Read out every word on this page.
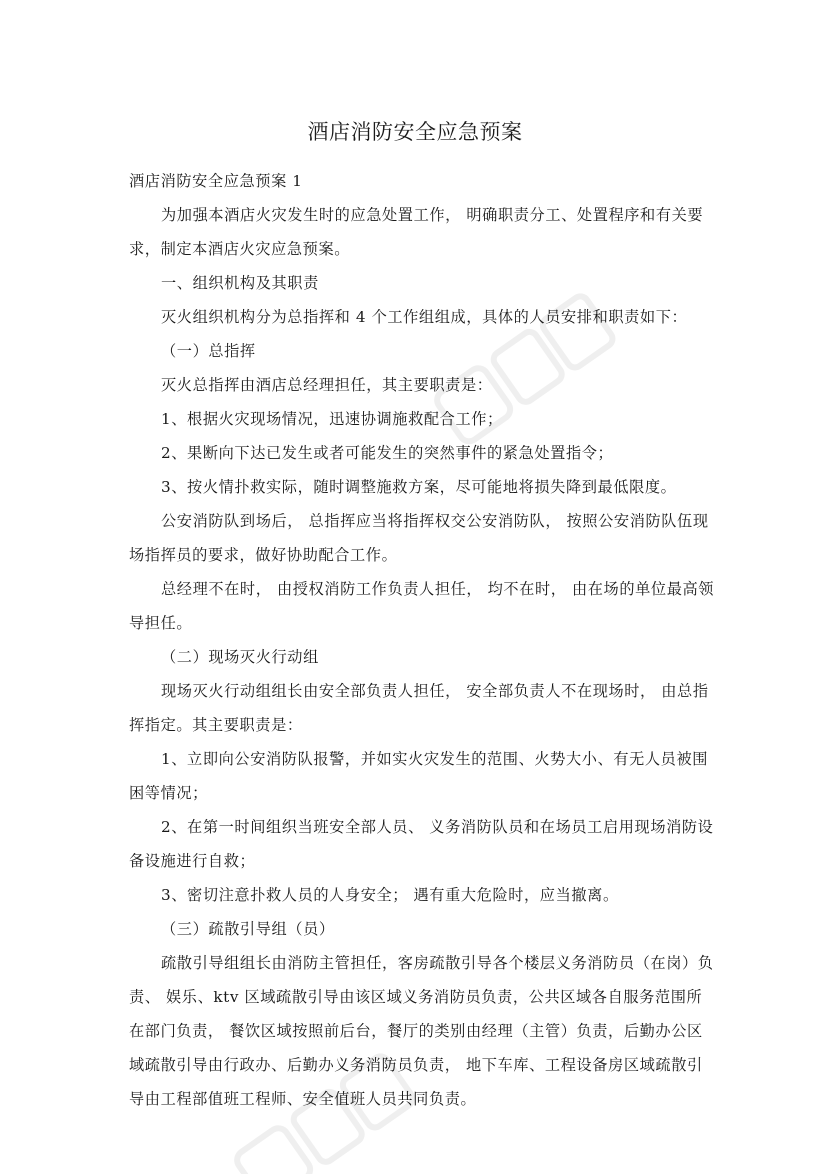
酒店消防安全应急预案

酒店消防安全应急预案 1

为加强本酒店火灾发生时的应急处置工作， 明确职责分工、处置程序和有关要求，制定本酒店火灾应急预案。

一、组织机构及其职责

灭火组织机构分为总指挥和 4 个工作组组成，具体的人员安排和职责如下：

（一）总指挥

灭火总指挥由酒店总经理担任，其主要职责是：

1、根据火灾现场情况，迅速协调施救配合工作；

2、果断向下达已发生或者可能发生的突然事件的紧急处置指令；

3、按火情扑救实际，随时调整施救方案，尽可能地将损失降到最低限度。

公安消防队到场后， 总指挥应当将指挥权交公安消防队， 按照公安消防队伍现场指挥员的要求，做好协助配合工作。

总经理不在时， 由授权消防工作负责人担任， 均不在时， 由在场的单位最高领导担任。

（二）现场灭火行动组

现场灭火行动组组长由安全部负责人担任， 安全部负责人不在现场时， 由总指挥指定。其主要职责是：

1、立即向公安消防队报警，并如实火灾发生的范围、火势大小、有无人员被围困等情况；

2、在第一时间组织当班安全部人员、 义务消防队员和在场员工启用现场消防设备设施进行自救；

3、密切注意扑救人员的人身安全； 遇有重大危险时，应当撤离。

（三）疏散引导组（员）

疏散引导组组长由消防主管担任，客房疏散引导各个楼层义务消防员（在岗）负责、 娱乐、ktv 区域疏散引导由该区域义务消防员负责，公共区域各自服务范围所在部门负责， 餐饮区域按照前后台，餐厅的类别由经理（主管）负责，后勤办公区域疏散引导由行政办、后勤办义务消防员负责， 地下车库、工程设备房区域疏散引导由工程部值班工程师、安全值班人员共同负责。
